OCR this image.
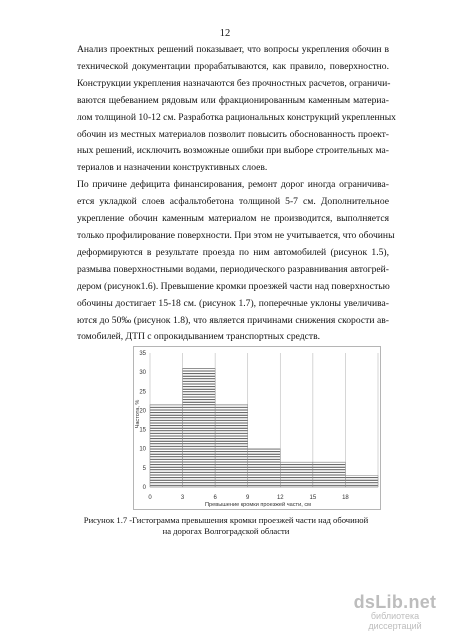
12

Анализ проектных решений показывает, что вопросы укрепления обочин в
технической документации прорабатываются, как правило, поверхностно.
Конструкции укрепления назначаются без прочностных расчетов, ограничи-
ваются щебеванием рядовым или фракционированным каменным материа-
лом толщиной 10-12 см. Разработка рациональных конструкций укрепленных
обочин из местных материалов позволит повысить обоснованность проект-
ных решений, исключить возможные ошибки при выборе строительных ма-
териалов и назначении конструктивных слоев.

По причине дефицита финансирования, ремонт дорог иногда ограничива-
ется укладкой слоев асфальтобетона толщиной 5-7 см. Дополнительное
укрепление обочин каменным материалом не производится, выполняется
только профилирование поверхности. При этом не учитывается, что обочины
деформируются в результате проезда по ним автомобилей (рисунок 1.5),
размыва поверхностными водами, периодического разравнивания автогрей-
дером (рисунок1.6). Превышение кромки проезжей части над поверхностью
обочины достигает 15-18 см. (рисунок 1.7), поперечные уклоны увеличива-
ются до 50‰ (рисунок 1.8), что является причинами снижения скорости ав-
томобилей, ДТП с опрокидыванием транспортных средств.

0
5
10
15
20
25
30
35
0	3	6	9	12	15	18
Превышение кромки проезжей части, см
Частота, %
Рисунок 1.7 -Гистограмма превышения кромки проезжей части над обочиной
на дорогах Волгоградской области
dsLib.net
библиотека диссертаций
